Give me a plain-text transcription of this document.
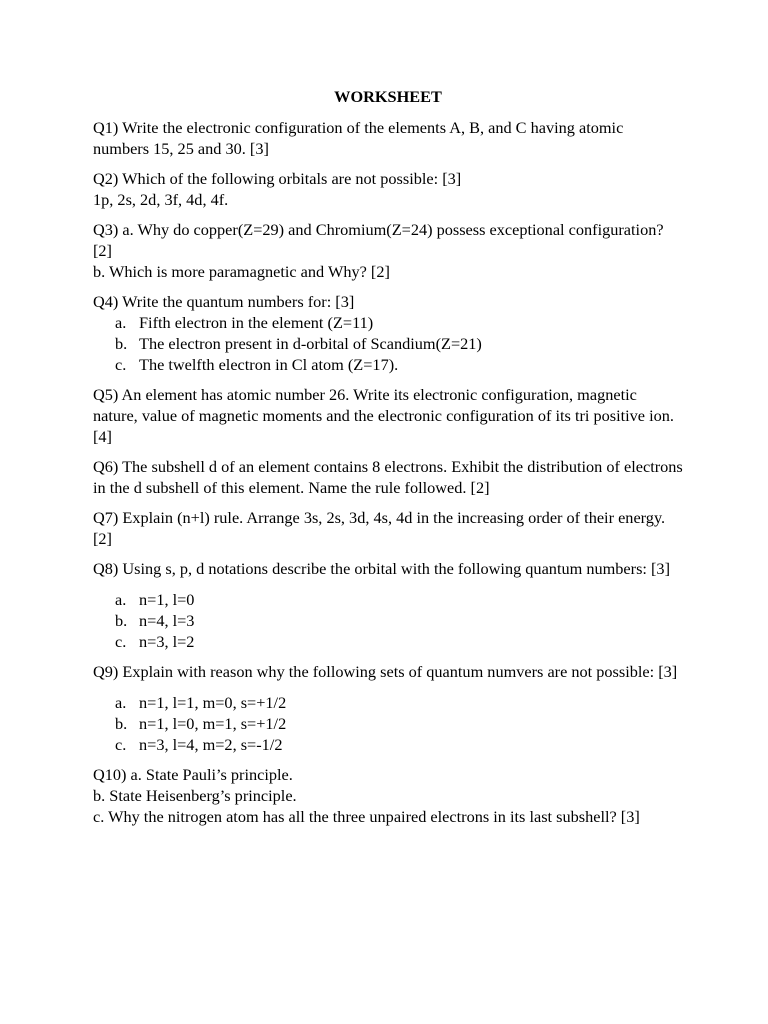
WORKSHEET

Q1) Write the electronic configuration of the elements A, B, and C having atomic numbers 15, 25 and 30. [3]

Q2) Which of the following orbitals are not possible: [3]

1p, 2s, 2d, 3f, 4d, 4f.

Q3) a. Why do copper(Z=29) and Chromium(Z=24) possess exceptional configuration? [2]

b. Which is more paramagnetic and Why? [2]

Q4) Write the quantum numbers for: [3]

a. Fifth electron in the element (Z=11)
b. The electron present in d-orbital of Scandium(Z=21)
c. The twelfth electron in Cl atom (Z=17).

Q5) An element has atomic number 26. Write its electronic configuration, magnetic nature, value of magnetic moments and the electronic configuration of its tri positive ion. [4]

Q6) The subshell d of an element contains 8 electrons. Exhibit the distribution of electrons in the d subshell of this element. Name the rule followed. [2]

Q7) Explain (n+l) rule. Arrange 3s, 2s, 3d, 4s, 4d in the increasing order of their energy. [2]

Q8) Using s, p, d notations describe the orbital with the following quantum numbers: [3]

a. n=1, l=0
b. n=4, l=3
c. n=3, l=2

Q9) Explain with reason why the following sets of quantum numvers are not possible: [3]

a. n=1, l=1, m=0, s=+1/2
b. n=1, l=0, m=1, s=+1/2
c. n=3, l=4, m=2, s=-1/2

Q10) a. State Pauli’s principle.

b. State Heisenberg’s principle.

c. Why the nitrogen atom has all the three unpaired electrons in its last subshell? [3]
